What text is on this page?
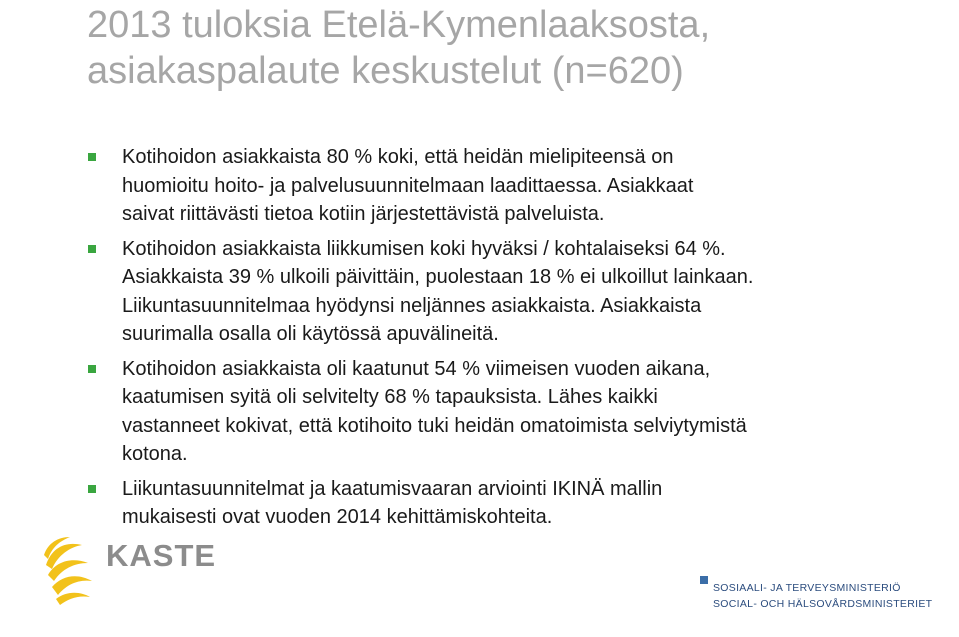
2013 tuloksia Etelä-Kymenlaaksosta,
asiakaspalaute keskustelut (n=620)
Kotihoidon asiakkaista 80 % koki, että heidän mielipiteensä on
huomioitu hoito- ja palvelusuunnitelmaan laadittaessa. Asiakkaat
saivat riittävästi tietoa kotiin järjestettävistä palveluista.
Kotihoidon asiakkaista liikkumisen koki hyväksi / kohtalaiseksi 64 %.
Asiakkaista 39 % ulkoili päivittäin, puolestaan 18 % ei ulkoillut lainkaan.
Liikuntasuunnitelmaa hyödynsi neljännes asiakkaista. Asiakkaista
suurimalla osalla oli käytössä apuvälineitä.
Kotihoidon asiakkaista oli kaatunut 54 % viimeisen vuoden aikana,
kaatumisen syitä oli selvitelty 68 % tapauksista. Lähes kaikki
vastanneet kokivat, että kotihoito tuki heidän omatoimista selviytymistä
kotona.
Liikuntasuunnitelmat ja kaatumisvaaran arviointi IKINÄ mallin
mukaisesti ovat vuoden 2014 kehittämiskohteita.
KASTE
SOSIAALI- JA TERVEYSMINISTERIÖ
SOCIAL- OCH HÄLSOVÅRDSMINISTERIET
